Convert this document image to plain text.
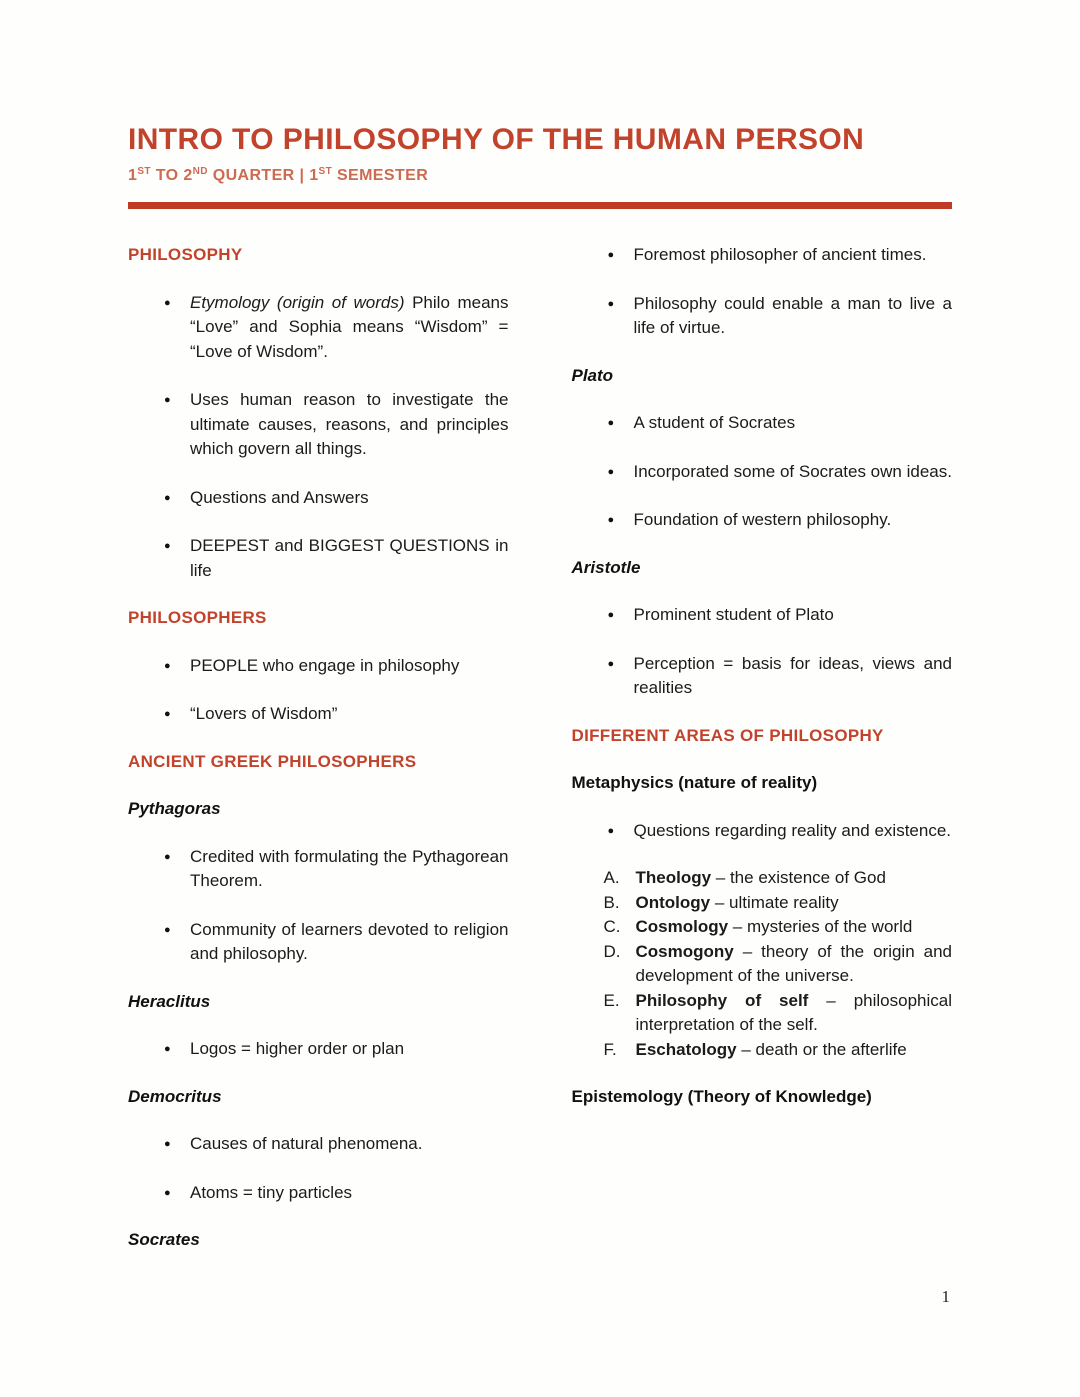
INTRO TO PHILOSOPHY OF THE HUMAN PERSON
1ST TO 2ND QUARTER | 1ST SEMESTER
PHILOSOPHY
● Etymology (origin of words) Philo means “Love” and Sophia means “Wisdom” = “Love of Wisdom”.
● Uses human reason to investigate the ultimate causes, reasons, and principles which govern all things.
● Questions and Answers
● DEEPEST and BIGGEST QUESTIONS in life
PHILOSOPHERS
● PEOPLE who engage in philosophy
● “Lovers of Wisdom”
ANCIENT GREEK PHILOSOPHERS
Pythagoras
● Credited with formulating the Pythagorean Theorem.
● Community of learners devoted to religion and philosophy.
Heraclitus
● Logos = higher order or plan
Democritus
● Causes of natural phenomena.
● Atoms = tiny particles
Socrates
● Foremost philosopher of ancient times.
● Philosophy could enable a man to live a life of virtue.
Plato
● A student of Socrates
● Incorporated some of Socrates own ideas.
● Foundation of western philosophy.
Aristotle
● Prominent student of Plato
● Perception = basis for ideas, views and realities
DIFFERENT AREAS OF PHILOSOPHY
Metaphysics (nature of reality)
● Questions regarding reality and existence.
A. Theology – the existence of God
B. Ontology – ultimate reality
C. Cosmology – mysteries of the world
D. Cosmogony – theory of the origin and development of the universe.
E. Philosophy of self – philosophical interpretation of the self.
F. Eschatology – death or the afterlife
Epistemology (Theory of Knowledge)
1
